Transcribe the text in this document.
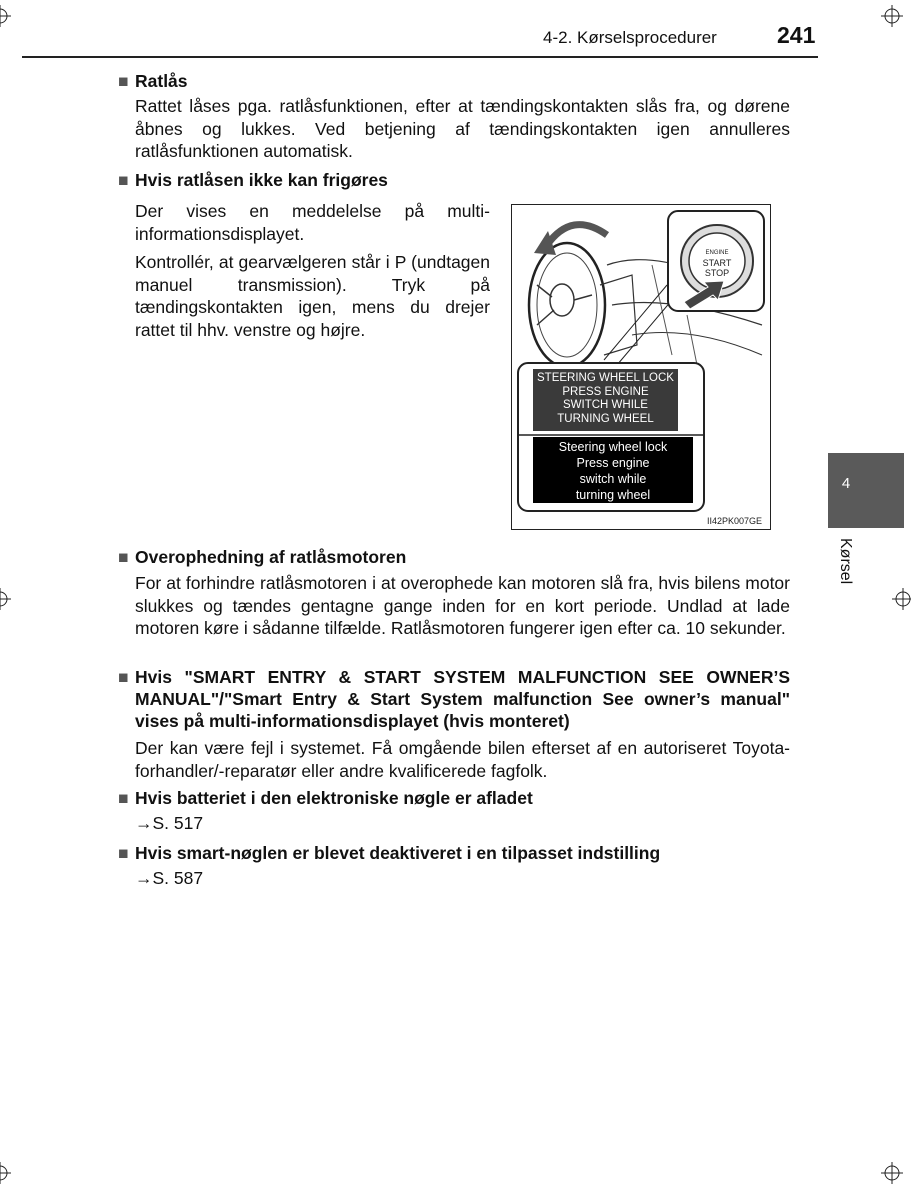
4-2. Kørselsprocedurer	241
4
Kørsel
■ Ratlås

Rattet låses pga. ratlåsfunktionen, efter at tændingskontakten slås fra, og dørene åbnes og lukkes. Ved betjening af tændingskontakten igen annulleres ratlåsfunktionen automatisk.

■ Hvis ratlåsen ikke kan frigøres

Der vises en meddelelse på multi-informationsdisplayet.

Kontrollér, at gearvælgeren står i P (undtagen manuel transmission). Tryk på tændingskontakten igen, mens du drejer rattet til hhv. venstre og højre.

ENGINE
START
STOP
STEERING WHEEL LOCK
PRESS ENGINE
SWITCH WHILE
TURNING WHEEL
Steering wheel lock
Press engine
switch while
turning wheel
II42PK007GE
■ Overophedning af ratlåsmotoren

For at forhindre ratlåsmotoren i at overophede kan motoren slå fra, hvis bilens motor slukkes og tændes gentagne gange inden for en kort periode. Undlad at lade motoren køre i sådanne tilfælde. Ratlåsmotoren fungerer igen efter ca. 10 sekunder.

■ Hvis "SMART ENTRY & START SYSTEM MALFUNCTION SEE OWNER’S MANUAL"/"Smart Entry & Start System malfunction See owner’s manual" vises på multi-informationsdisplayet (hvis monteret)

Der kan være fejl i systemet. Få omgående bilen efterset af en autoriseret Toyota-forhandler/-reparatør eller andre kvalificerede fagfolk.

■ Hvis batteriet i den elektroniske nøgle er afladet

→S. 517

■ Hvis smart-nøglen er blevet deaktiveret i en tilpasset indstilling

→S. 587
